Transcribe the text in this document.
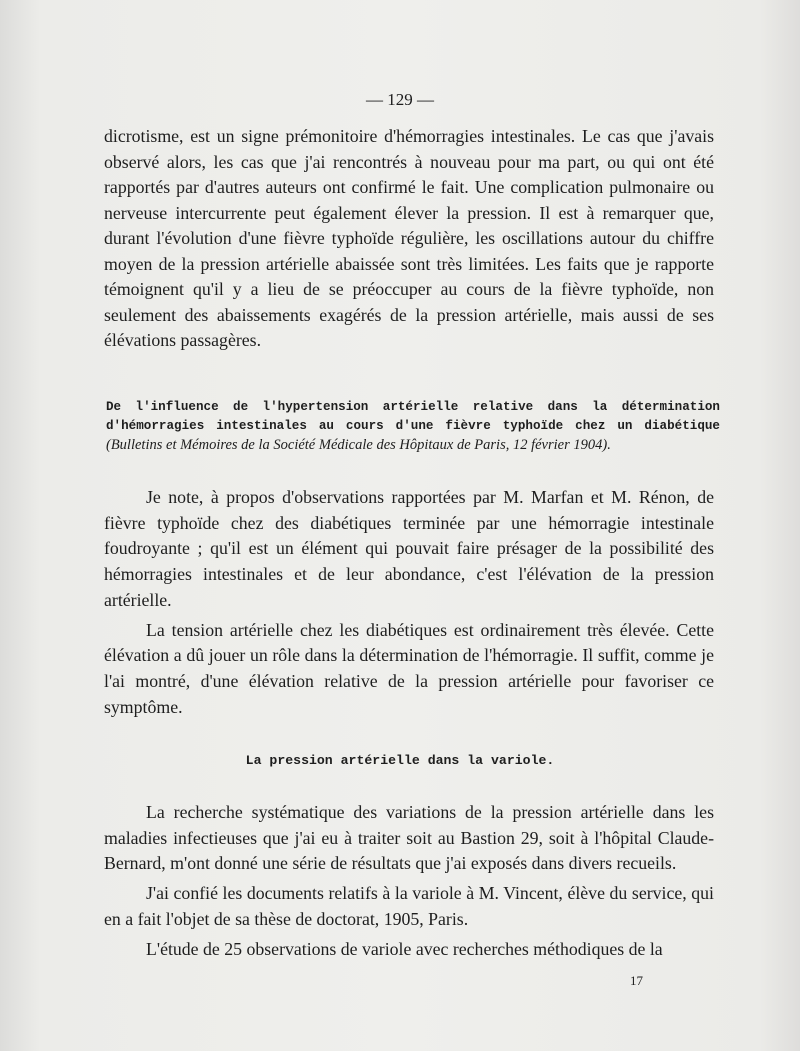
— 129 —
dicrotisme, est un signe prémonitoire d'hémorragies intestinales. Le cas que j'avais observé alors, les cas que j'ai rencontrés à nouveau pour ma part, ou qui ont été rapportés par d'autres auteurs ont confirmé le fait. Une complication pulmonaire ou nerveuse intercurrente peut également élever la pression. Il est à remarquer que, durant l'évolution d'une fièvre typhoïde régulière, les oscillations autour du chiffre moyen de la pression artérielle abaissée sont très limitées. Les faits que je rapporte témoignent qu'il y a lieu de se préoccuper au cours de la fièvre typhoïde, non seulement des abaissements exagérés de la pression artérielle, mais aussi de ses élévations passagères.
De l'influence de l'hypertension artérielle relative dans la détermination d'hémorragies intestinales au cours d'une fièvre typhoïde chez un diabétique (Bulletins et Mémoires de la Société Médicale des Hôpitaux de Paris, 12 février 1904).

Je note, à propos d'observations rapportées par M. Marfan et M. Rénon, de fièvre typhoïde chez des diabétiques terminée par une hémorragie intestinale foudroyante ; qu'il est un élément qui pouvait faire présager de la possibilité des hémorragies intestinales et de leur abondance, c'est l'élévation de la pression artérielle.

La tension artérielle chez les diabétiques est ordinairement très élevée. Cette élévation a dû jouer un rôle dans la détermination de l'hémorragie. Il suffit, comme je l'ai montré, d'une élévation relative de la pression artérielle pour favoriser ce symptôme.

La pression artérielle dans la variole.

La recherche systématique des variations de la pression artérielle dans les maladies infectieuses que j'ai eu à traiter soit au Bastion 29, soit à l'hôpital Claude-Bernard, m'ont donné une série de résultats que j'ai exposés dans divers recueils.

J'ai confié les documents relatifs à la variole à M. Vincent, élève du service, qui en a fait l'objet de sa thèse de doctorat, 1905, Paris.

L'étude de 25 observations de variole avec recherches méthodiques de la

17
